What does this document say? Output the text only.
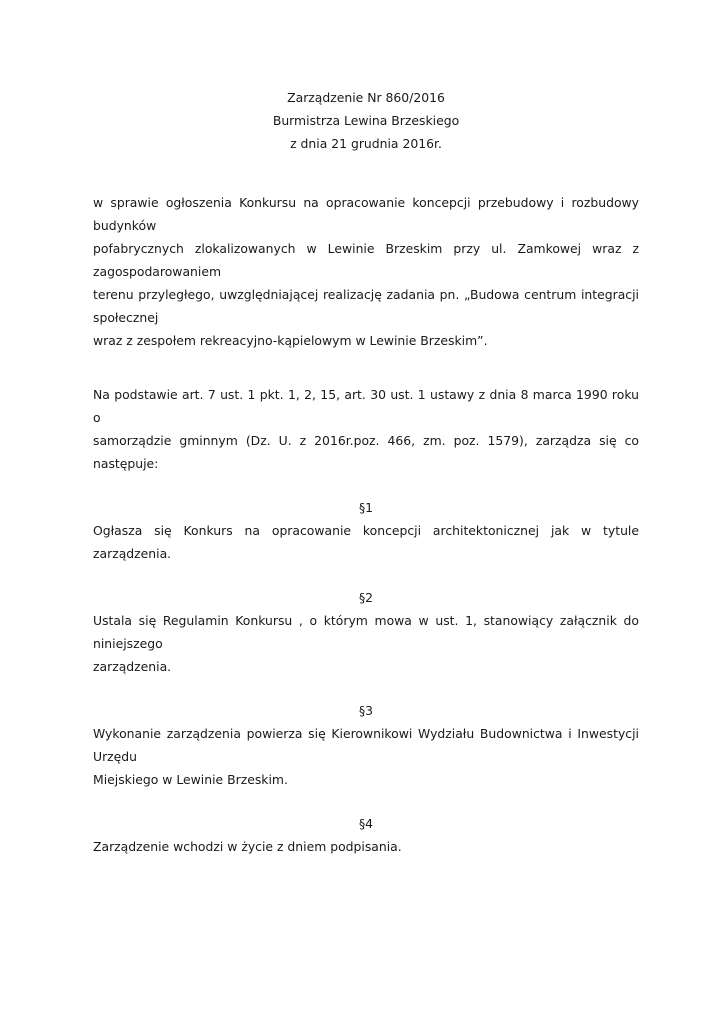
Zarządzenie Nr 860/2016

Burmistrza Lewina Brzeskiego

z dnia 21 grudnia 2016r.

w sprawie ogłoszenia Konkursu na opracowanie koncepcji przebudowy i rozbudowy budynków

pofabrycznych zlokalizowanych w Lewinie Brzeskim przy ul. Zamkowej wraz z zagospodarowaniem

terenu przyległego, uwzględniającej realizację zadania pn. „Budowa centrum integracji społecznej

wraz z zespołem rekreacyjno-kąpielowym w Lewinie Brzeskim”.

Na podstawie art. 7 ust. 1 pkt. 1, 2, 15, art. 30 ust. 1 ustawy z dnia 8 marca 1990 roku o

samorządzie gminnym (Dz. U. z 2016r.poz. 466, zm. poz. 1579), zarządza się co następuje:

§1

Ogłasza się Konkurs na opracowanie koncepcji architektonicznej jak w tytule zarządzenia.

§2

Ustala się Regulamin Konkursu , o którym mowa w ust. 1, stanowiący załącznik do niniejszego

zarządzenia.

§3

Wykonanie zarządzenia powierza się Kierownikowi Wydziału Budownictwa i Inwestycji Urzędu

Miejskiego w Lewinie Brzeskim.

§4

Zarządzenie wchodzi w życie z dniem podpisania.
